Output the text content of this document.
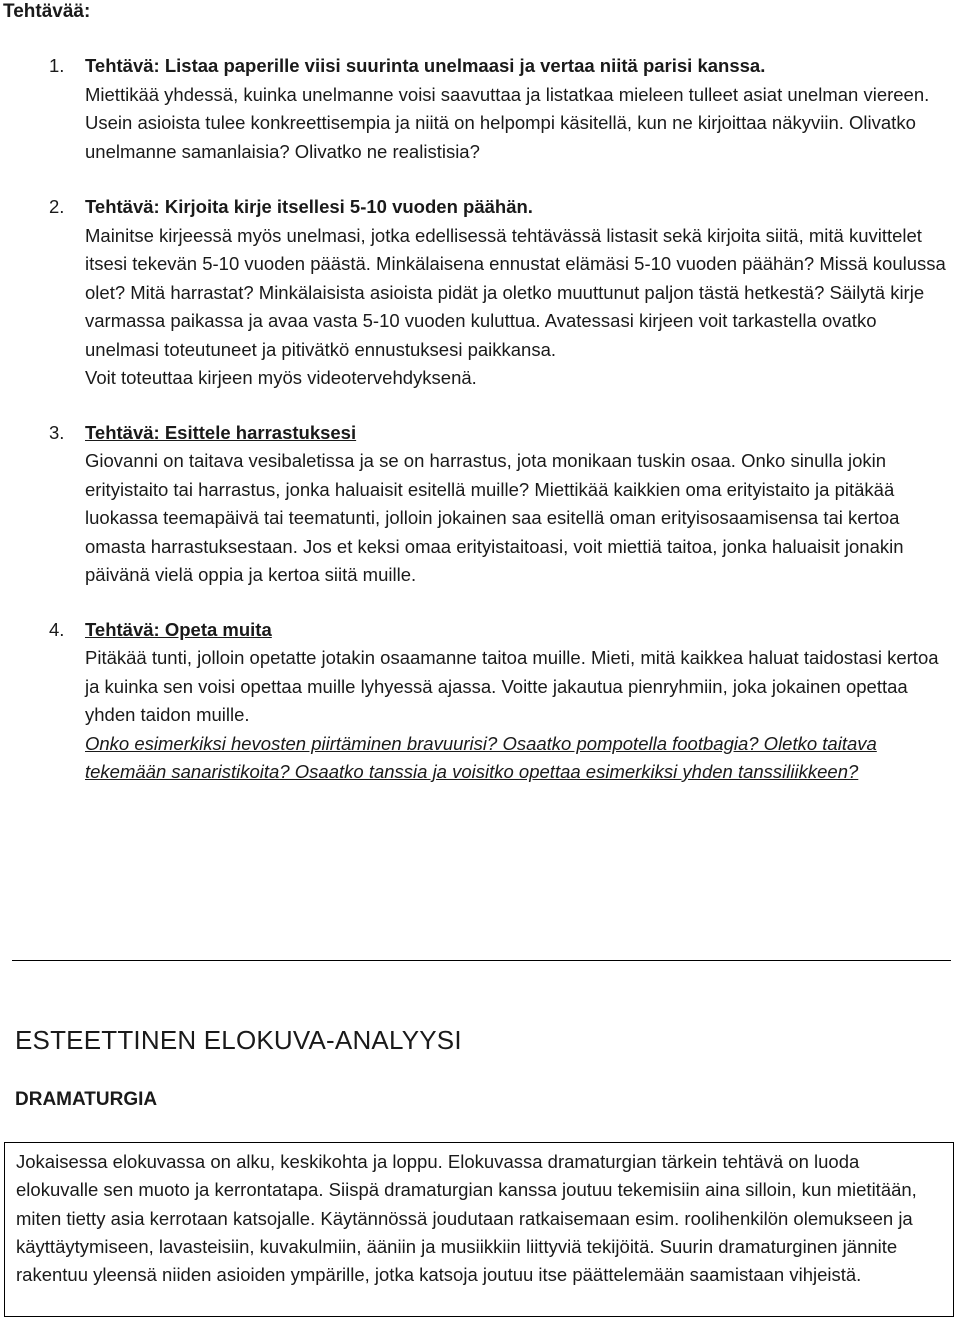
Tehtävää:
1. Tehtävä: Listaa paperille viisi suurinta unelmaasi ja vertaa niitä parisi kanssa.
Miettikää yhdessä, kuinka unelmanne voisi saavuttaa ja listatkaa mieleen tulleet asiat unelman viereen. Usein asioista tulee konkreettisempia ja niitä on helpompi käsitellä, kun ne kirjoittaa näkyviin. Olivatko unelmanne samanlaisia? Olivatko ne realistisia?

2. Tehtävä: Kirjoita kirje itsellesi 5-10 vuoden päähän.
Mainitse kirjeessä myös unelmasi, jotka edellisessä tehtävässä listasit sekä kirjoita siitä, mitä kuvittelet itsesi tekevän 5-10 vuoden päästä. Minkälaisena ennustat elämäsi 5-10 vuoden päähän? Missä koulussa olet? Mitä harrastat? Minkälaisista asioista pidät ja oletko muuttunut paljon tästä hetkestä? Säilytä kirje varmassa paikassa ja avaa vasta 5-10 vuoden kuluttua. Avatessasi kirjeen voit tarkastella ovatko unelmasi toteutuneet ja pitivätkö ennustuksesi paikkansa.

Voit toteuttaa kirjeen myös videotervehdyksenä.

3. Tehtävä: Esittele harrastuksesi

Giovanni on taitava vesibaletissa ja se on harrastus, jota monikaan tuskin osaa. Onko sinulla jokin erityistaito tai harrastus, jonka haluaisit esitellä muille? Miettikää kaikkien oma erityistaito ja pitäkää luokassa teemapäivä tai teematunti, jolloin jokainen saa esitellä oman erityisosaamisensa tai kertoa omasta harrastuksestaan. Jos et keksi omaa erityistaitoasi, voit miettiä taitoa, jonka haluaisit jonakin päivänä vielä oppia ja kertoa siitä muille.

4. Tehtävä: Opeta muita

Pitäkää tunti, jolloin opetatte jotakin osaamanne taitoa muille. Mieti, mitä kaikkea haluat taidostasi kertoa ja kuinka sen voisi opettaa muille lyhyessä ajassa. Voitte jakautua pienryhmiin, joka jokainen opettaa yhden taidon muille.

Onko esimerkiksi hevosten piirtäminen bravuurisi? Osaatko pompotella footbagia? Oletko taitava tekemään sanaristikoita? Osaatko tanssia ja voisitko opettaa esimerkiksi yhden tanssiliikkeen?

ESTEETTINEN ELOKUVA-ANALYYSI
DRAMATURGIA

Jokaisessa elokuvassa on alku, keskikohta ja loppu. Elokuvassa dramaturgian tärkein tehtävä on luoda elokuvalle sen muoto ja kerrontatapa. Siispä dramaturgian kanssa joutuu tekemisiin aina silloin, kun mietitään, miten tietty asia kerrotaan katsojalle. Käytännössä joudutaan ratkaisemaan esim. roolihenkilön olemukseen ja käyttäytymiseen, lavasteisiin, kuvakulmiin, ääniin ja musiikkiin liittyviä tekijöitä. Suurin dramaturginen jännite rakentuu yleensä niiden asioiden ympärille, jotka katsoja joutuu itse päättelemään saamistaan vihjeistä.
